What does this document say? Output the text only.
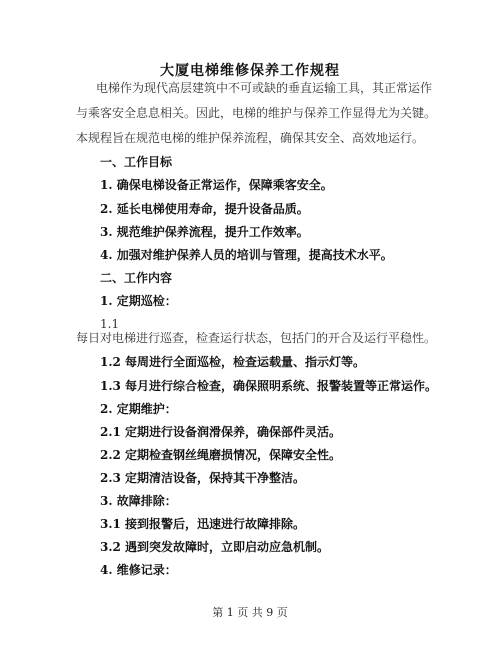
大厦电梯维修保养工作规程
电梯作为现代高层建筑中不可或缺的垂直运输工具，其正常运作
与乘客安全息息相关。因此，电梯的维护与保养工作显得尤为关键。
本规程旨在规范电梯的维护保养流程，确保其安全、高效地运行。
一、工作目标
1. 确保电梯设备正常运作，保障乘客安全。
2. 延长电梯使用寿命，提升设备品质。
3. 规范维护保养流程，提升工作效率。
4. 加强对维护保养人员的培训与管理，提高技术水平。
二、工作内容
1. 定期巡检：
1.1
每日对电梯进行巡查，检查运行状态，包括门的开合及运行平稳性。
1.2 每周进行全面巡检，检查运载量、指示灯等。
1.3 每月进行综合检查，确保照明系统、报警装置等正常运作。
2. 定期维护：
2.1 定期进行设备润滑保养，确保部件灵活。
2.2 定期检查钢丝绳磨损情况，保障安全性。
2.3 定期清洁设备，保持其干净整洁。
3. 故障排除：
3.1 接到报警后，迅速进行故障排除。
3.2 遇到突发故障时，立即启动应急机制。
4. 维修记录：
第 1 页 共 9 页
